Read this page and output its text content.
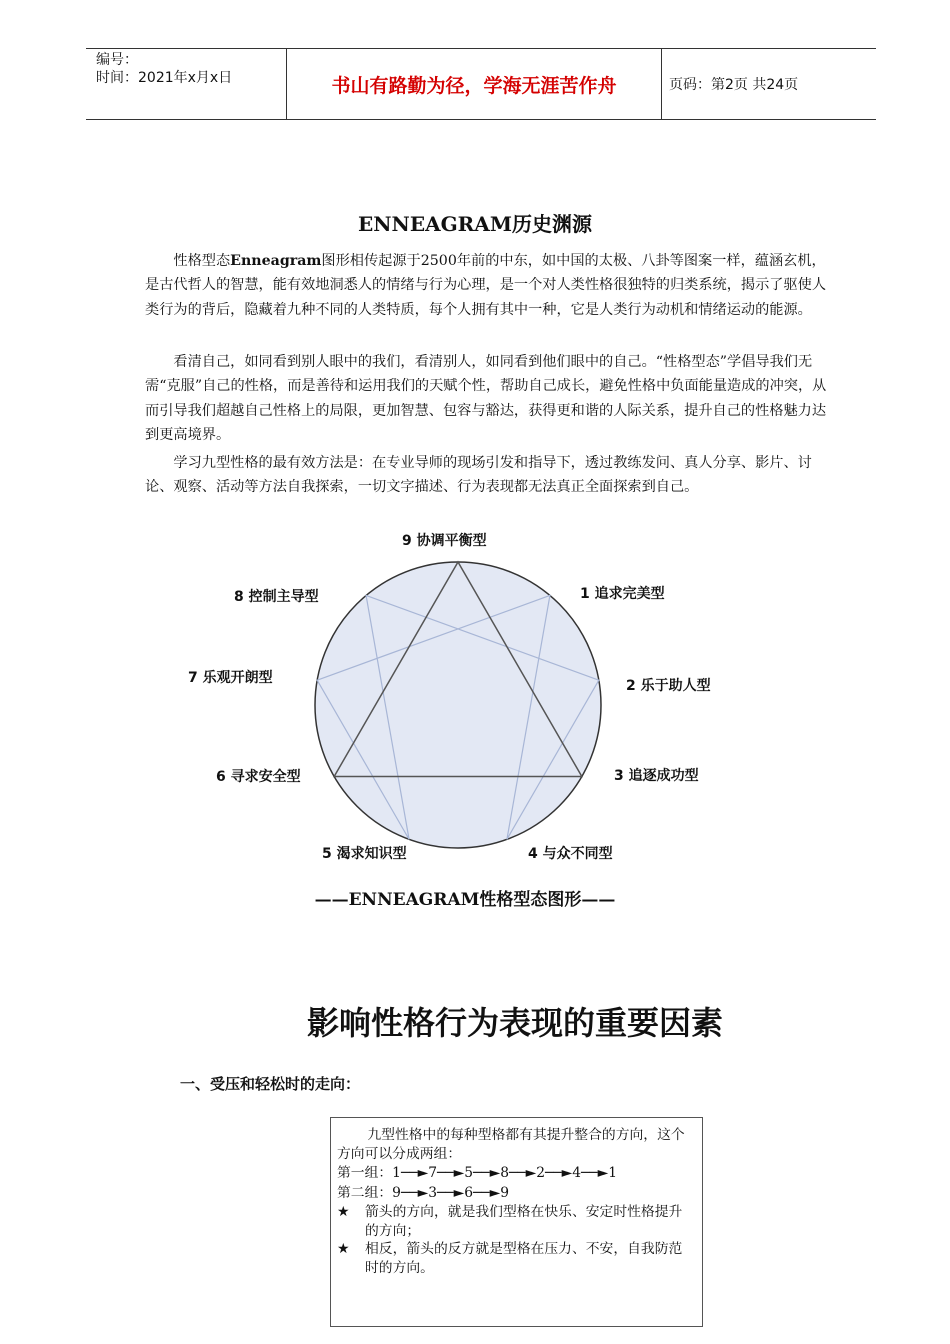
编号：
时间：2021年x月x日	书山有路勤为径，学海无涯苦作舟	页码：第2页 共24页
ENNEAGRAM历史渊源

性格型态Enneagram图形相传起源于2500年前的中东，如中国的太极、八卦等图案一样，蕴涵玄机，是古代哲人的智慧，能有效地洞悉人的情绪与行为心理，是一个对人类性格很独特的归类系统，揭示了驱使人类行为的背后，隐藏着九种不同的人类特质，每个人拥有其中一种，它是人类行为动机和情绪运动的能源。

看清自己，如同看到别人眼中的我们，看清别人，如同看到他们眼中的自己。“性格型态”学倡导我们无需“克服”自己的性格，而是善待和运用我们的天赋个性，帮助自己成长，避免性格中负面能量造成的冲突，从而引导我们超越自己性格上的局限，更加智慧、包容与豁达，获得更和谐的人际关系，提升自己的性格魅力达到更高境界。

学习九型性格的最有效方法是：在专业导师的现场引发和指导下，透过教练发问、真人分享、影片、讨论、观察、活动等方法自我探索，一切文字描述、行为表现都无法真正全面探索到自己。

9 协调平衡型
1 追求完美型
2 乐于助人型
3 追逐成功型
4 与众不同型
5 渴求知识型
6 寻求安全型
7 乐观开朗型
8 控制主导型
——ENNEAGRAM性格型态图形——
影响性格行为表现的重要因素
一、受压和轻松时的走向：
九型性格中的每种型格都有其提升整合的方向，这个方向可以分成两组：
第一组：1──►7──►5──►8──►2──►4──►1
第二组：9──►3──►6──►9
★	箭头的方向，就是我们型格在快乐、安定时性格提升的方向；
★	相反，箭头的反方就是型格在压力、不安，自我防范时的方向。
